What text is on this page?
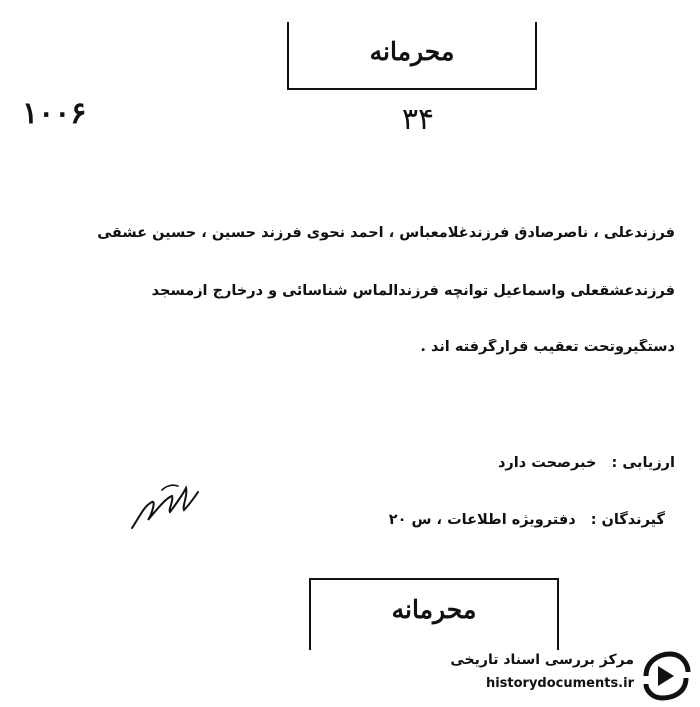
محرمانه
۱۰۰۶	۳۴
فرزندعلی ، ناصرصادق فرزندغلامعباس ، احمد نحوی فرزند حسین ، حسین عشقی
فرزندعشقعلی واسماعیل توانچه فرزندالماس شناسائی و درخارج ازمسجد
دستگیروتحت تعقیب قرارگرفته اند .
ارزیابی : خبرصحت دارد
گیرندگان : دفترویژه اطلاعات ، س ۲۰
محرمانه
مرکز بررسی اسناد تاریخی
historydocuments.ir
